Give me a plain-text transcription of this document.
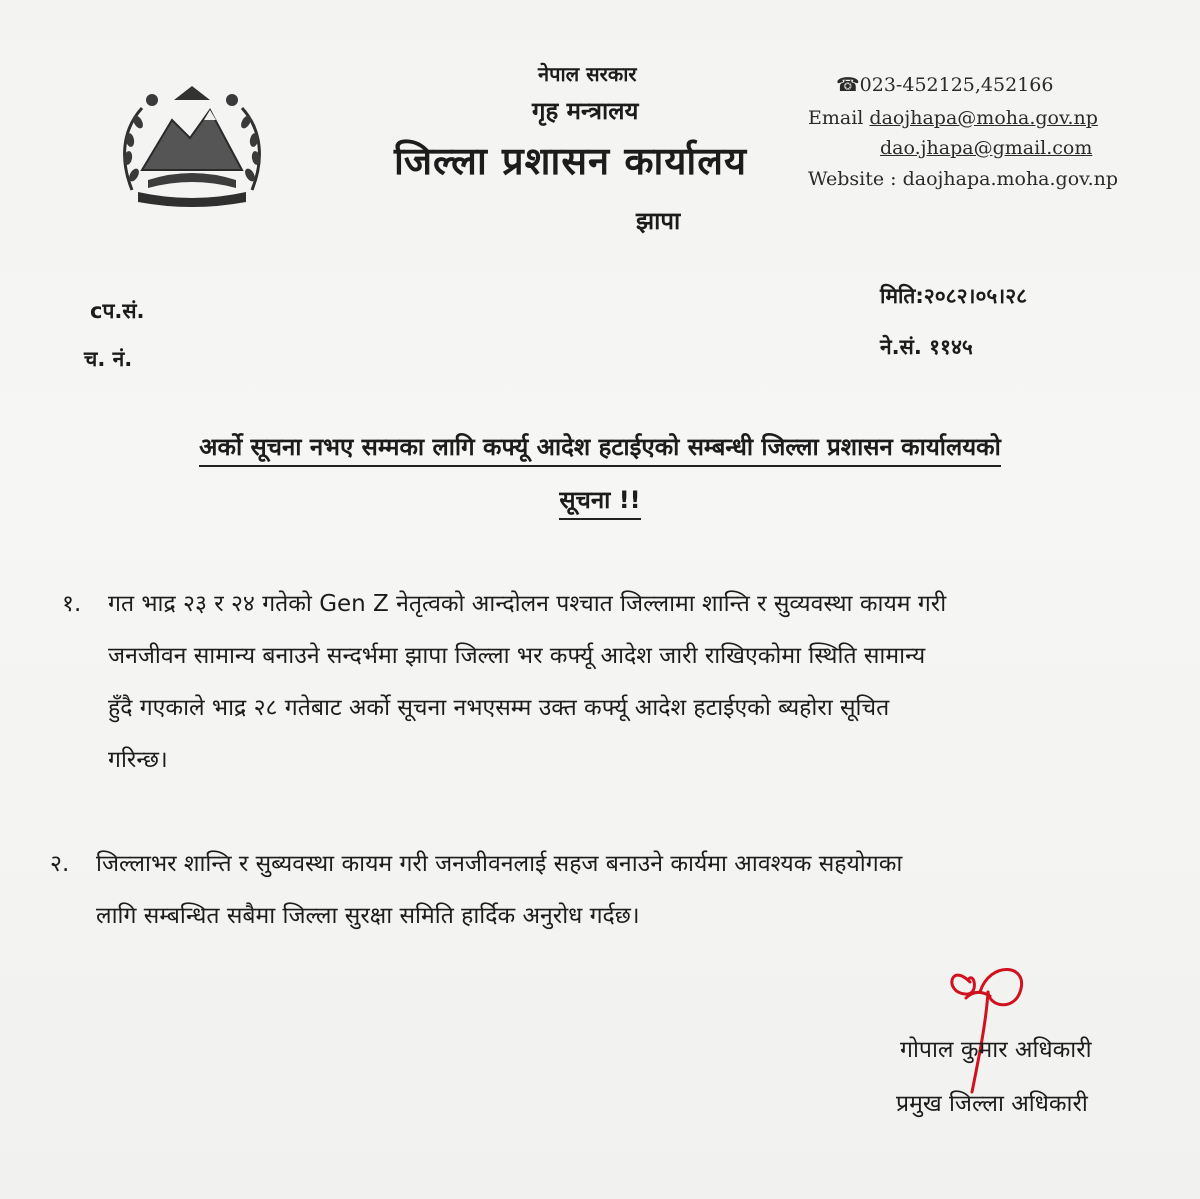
नेपाल सरकार
गृह मन्त्रालय
जिल्ला प्रशासन कार्यालय
झापा
☎023-452125,452166
Email daojhapa@moha.gov.np
dao.jhapa@gmail.com
Website : daojhapa.moha.gov.np
cप.सं.
च. नं.
मिति:२०८२।०५।२८
ने.सं. ११४५
अर्को सूचना नभए सम्मका लागि कर्फ्यू आदेश हटाईएको सम्बन्धी जिल्ला प्रशासन कार्यालयको
सूचना !!
१. गत भाद्र २३ र २४ गतेको Gen Z नेतृत्वको आन्दोलन पश्चात जिल्लामा शान्ति र सुव्यवस्था कायम गरी
जनजीवन सामान्य बनाउने सन्दर्भमा झापा जिल्ला भर कर्फ्यू आदेश जारी राखिएकोमा स्थिति सामान्य
हुँदै गएकाले भाद्र २८ गतेबाट अर्को सूचना नभएसम्म उक्त कर्फ्यू आदेश हटाईएको ब्यहोरा सूचित
गरिन्छ।
२. जिल्लाभर शान्ति र सुब्यवस्था कायम गरी जनजीवनलाई सहज बनाउने कार्यमा आवश्यक सहयोगका
लागि सम्बन्धित सबैमा जिल्ला सुरक्षा समिति हार्दिक अनुरोध गर्दछ।
गोपाल कुमार अधिकारी
प्रमुख जिल्ला अधिकारी
